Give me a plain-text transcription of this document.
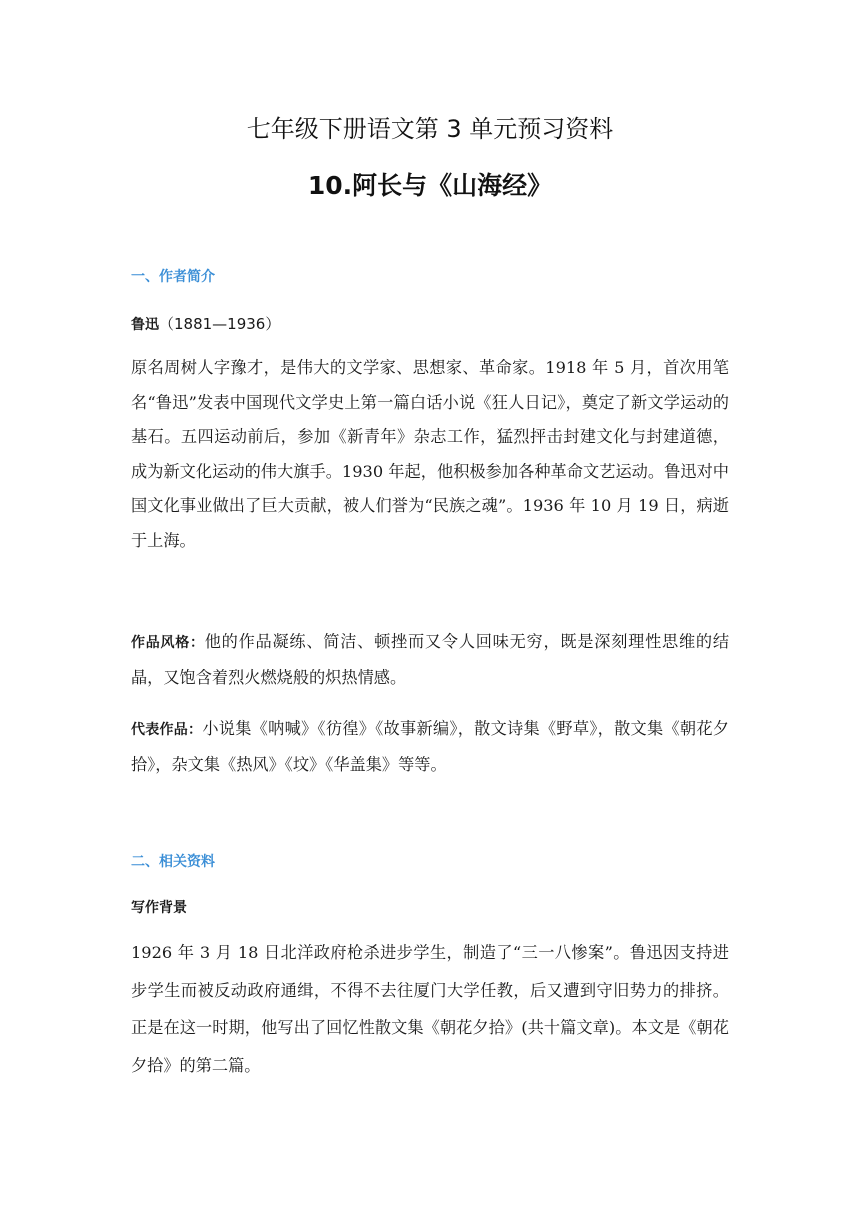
七年级下册语文第 3 单元预习资料
10.阿长与《山海经》
一、作者简介
鲁迅（1881—1936）

原名周树人字豫才，是伟大的文学家、思想家、革命家。1918 年 5 月，首次用笔名“鲁迅”发表中国现代文学史上第一篇白话小说《狂人日记》，奠定了新文学运动的基石。五四运动前后，参加《新青年》杂志工作，猛烈抨击封建文化与封建道德，成为新文化运动的伟大旗手。1930 年起，他积极参加各种革命文艺运动。鲁迅对中国文化事业做出了巨大贡献，被人们誉为“民族之魂”。1936 年 10 月 19 日，病逝于上海。

作品风格：他的作品凝练、简洁、顿挫而又令人回味无穷，既是深刻理性思维的结晶，又饱含着烈火燃烧般的炽热情感。

代表作品：小说集《呐喊》《彷徨》《故事新编》，散文诗集《野草》，散文集《朝花夕拾》，杂文集《热风》《坟》《华盖集》等等。

二、相关资料
写作背景

1926 年 3 月 18 日北洋政府枪杀进步学生，制造了“三一八惨案”。鲁迅因支持进步学生而被反动政府通缉，不得不去往厦门大学任教，后又遭到守旧势力的排挤。正是在这一时期，他写出了回忆性散文集《朝花夕拾》(共十篇文章)。本文是《朝花夕拾》的第二篇。
